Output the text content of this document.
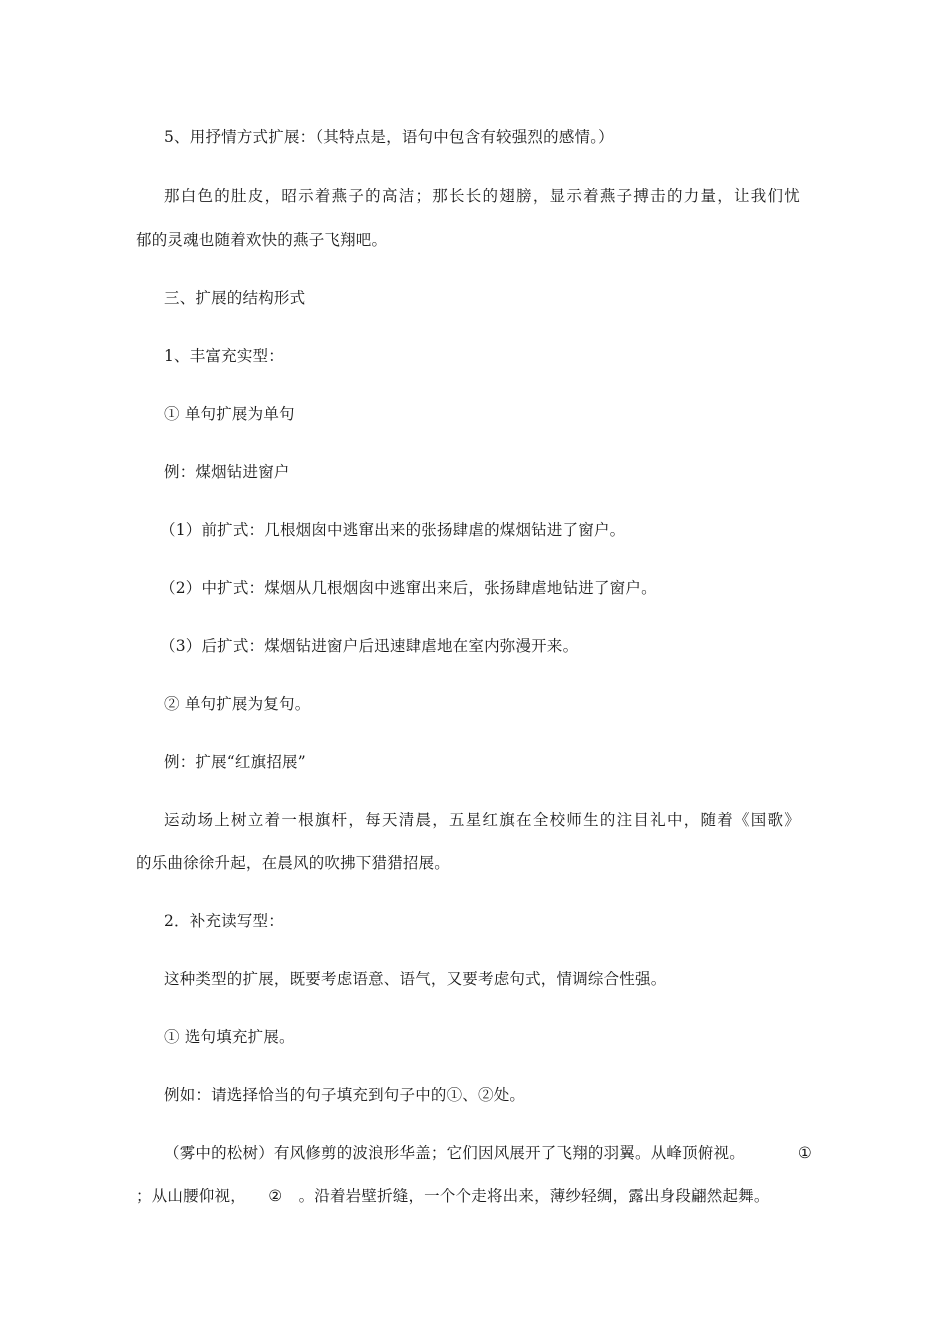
5、用抒情方式扩展：（其特点是，语句中包含有较强烈的感情。）
那白色的肚皮，昭示着燕子的高洁；那长长的翅膀，显示着燕子搏击的力量，让我们忧
郁的灵魂也随着欢快的燕子飞翔吧。
三、扩展的结构形式
1、丰富充实型：
① 单句扩展为单句
例：煤烟钻进窗户
（1）前扩式：几根烟囱中逃窜出来的张扬肆虐的煤烟钻进了窗户。
（2）中扩式：煤烟从几根烟囱中逃窜出来后，张扬肆虐地钻进了窗户。
（3）后扩式：煤烟钻进窗户后迅速肆虐地在室内弥漫开来。
② 单句扩展为复句。
例：扩展“红旗招展”
运动场上树立着一根旗杆，每天清晨，五星红旗在全校师生的注目礼中，随着《国歌》
的乐曲徐徐升起，在晨风的吹拂下猎猎招展。
2．补充读写型：
这种类型的扩展，既要考虑语意、语气，又要考虑句式，情调综合性强。
① 选句填充扩展。
例如：请选择恰当的句子填充到句子中的①、②处。
（雾中的松树）有风修剪的波浪形华盖；它们因风展开了飞翔的羽翼。从峰顶俯视。	①
；从山腰仰视， ② 。沿着岩壁折缝，一个个走将出来，薄纱轻绸，露出身段翩然起舞。
